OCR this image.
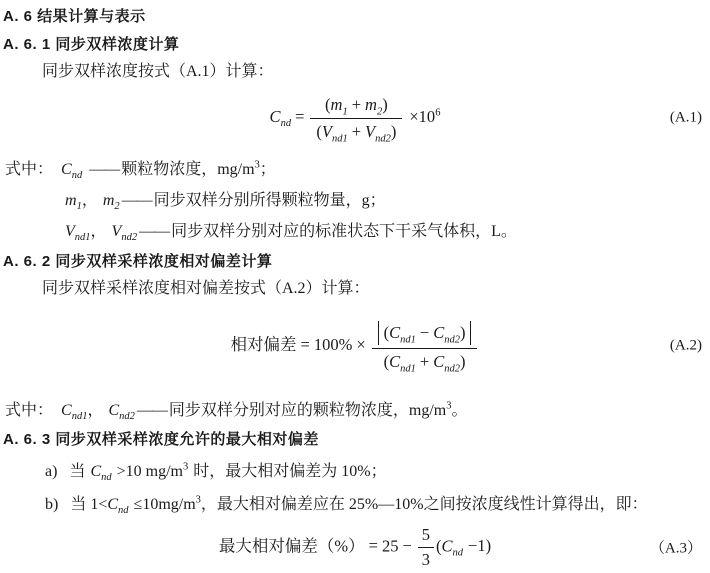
A. 6 结果计算与表示
A. 6. 1 同步双样浓度计算

同步双样浓度按式（A.1）计算：

$C_{nd} = \frac{(m_1 + m_2)}{(V_{nd1} + V_{nd2})} \times 10^6$	(A.1)
式中： $C_{nd}$ —— 颗粒物浓度，$mg/m^3$；
$m_1$， $m_2$ —— 同步双样分别所得颗粒物量，g；
$V_{nd1}$， $V_{nd2}$ —— 同步双样分别对应的标准状态下干采气体积，L。
A. 6. 2 同步双样采样浓度相对偏差计算

同步双样采样浓度相对偏差按式（A.2）计算：

相对偏差 = $100\% \times \frac{(C_{nd1} - C_{nd2})}{(C_{nd1} + C_{nd2})}$	(A.2)
式中： $C_{nd1}$， $C_{nd2}$ —— 同步双样分别对应的颗粒物浓度，$mg/m^3$。
A. 6. 3 同步双样采样浓度允许的最大相对偏差
a) 当 $C_{nd} >10$ $mg/m^3$ 时，最大相对偏差为 10%；
b) 当 $1<C_{nd} \le 10mg/m^3$，最大相对偏差应在 25%—10%之间按浓度线性计算得出，即：
最大相对偏差（%） = $25 - \frac{5}{3} (C_{nd} -1)$	（A.3）
